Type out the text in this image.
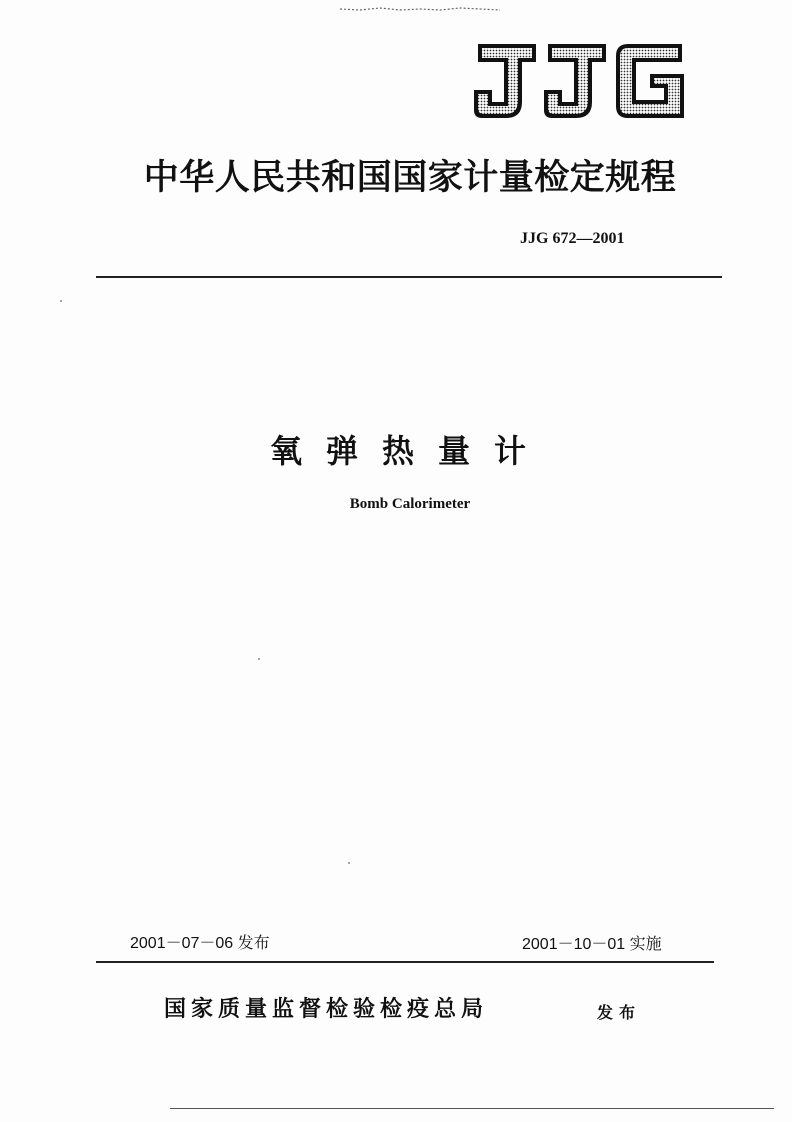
中华人民共和国国家计量检定规程
JJG 672—2001
氧弹热量计
Bomb Calorimeter
2001－07－06 发布	2001－10－01 实施
国家质量监督检验检疫总局	发布
